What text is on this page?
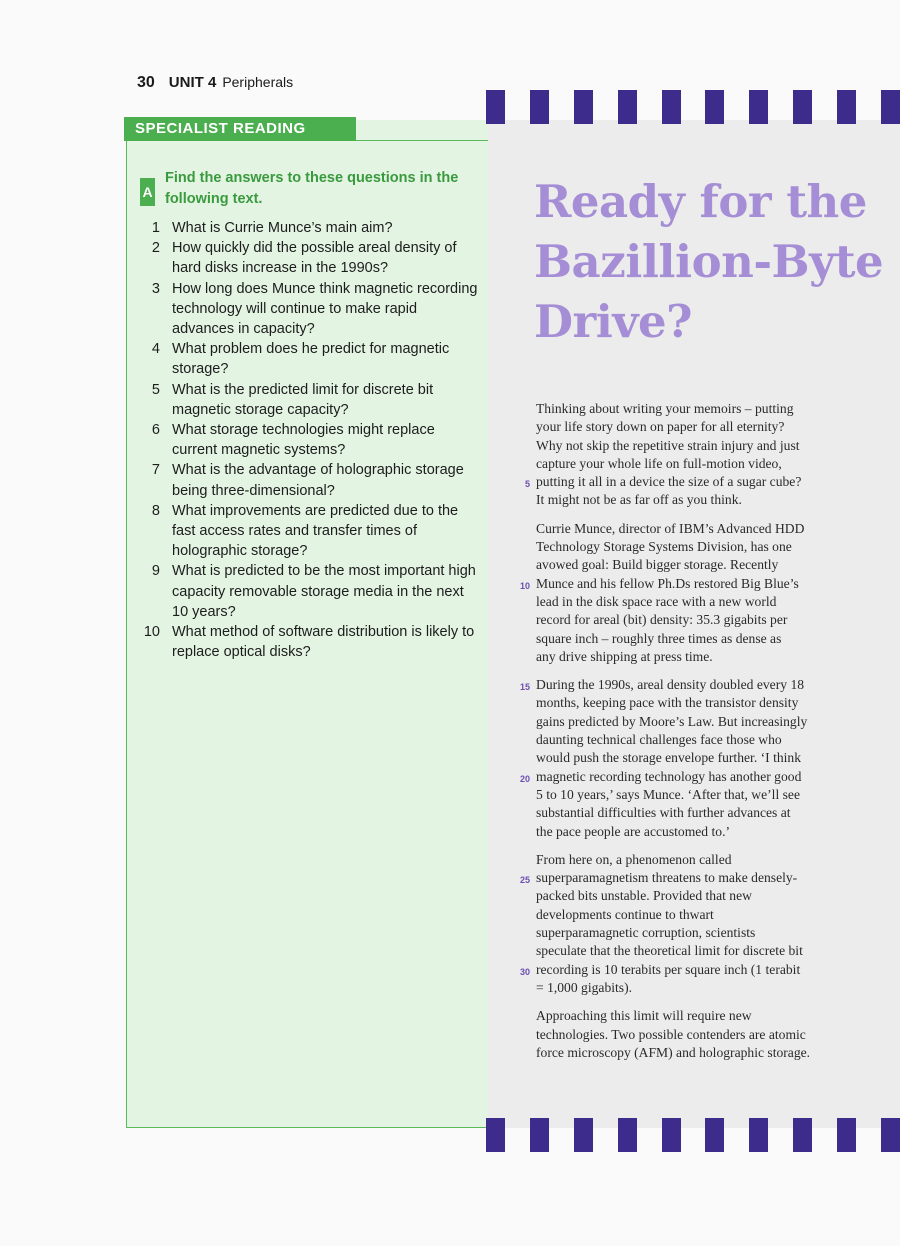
30 UNIT 4 Peripherals
SPECIALIST READING
A
Find the answers to these questions in the following text.
1 What is Currie Munce’s main aim?
2 How quickly did the possible areal density of hard disks increase in the 1990s?
3 How long does Munce think magnetic recording technology will continue to make rapid advances in capacity?
4 What problem does he predict for magnetic storage?
5 What is the predicted limit for discrete bit magnetic storage capacity?
6 What storage technologies might replace current magnetic systems?
7 What is the advantage of holographic storage being three-dimensional?
8 What improvements are predicted due to the fast access rates and transfer times of holographic storage?
9 What is predicted to be the most important high capacity removable storage media in the next 10 years?
10 What method of software distribution is likely to replace optical disks?
Ready for the Bazillion-Byte Drive?
Thinking about writing your memoirs – putting
your life story down on paper for all eternity?
Why not skip the repetitive strain injury and just
capture your whole life on full-motion video,
5 putting it all in a device the size of a sugar cube?
It might not be as far off as you think.
Currie Munce, director of IBM’s Advanced HDD
Technology Storage Systems Division, has one
avowed goal: Build bigger storage. Recently
10 Munce and his fellow Ph.Ds restored Big Blue’s
lead in the disk space race with a new world
record for areal (bit) density: 35.3 gigabits per
square inch – roughly three times as dense as
any drive shipping at press time.
15 During the 1990s, areal density doubled every 18
months, keeping pace with the transistor density
gains predicted by Moore’s Law. But increasingly
daunting technical challenges face those who
would push the storage envelope further. ‘I think
20 magnetic recording technology has another good
5 to 10 years,’ says Munce. ‘After that, we’ll see
substantial difficulties with further advances at
the pace people are accustomed to.’
From here on, a phenomenon called
25 superparamagnetism threatens to make densely-
packed bits unstable. Provided that new
developments continue to thwart
superparamagnetic corruption, scientists
speculate that the theoretical limit for discrete bit
30 recording is 10 terabits per square inch (1 terabit
= 1,000 gigabits).
Approaching this limit will require new
technologies. Two possible contenders are atomic
force microscopy (AFM) and holographic storage.
